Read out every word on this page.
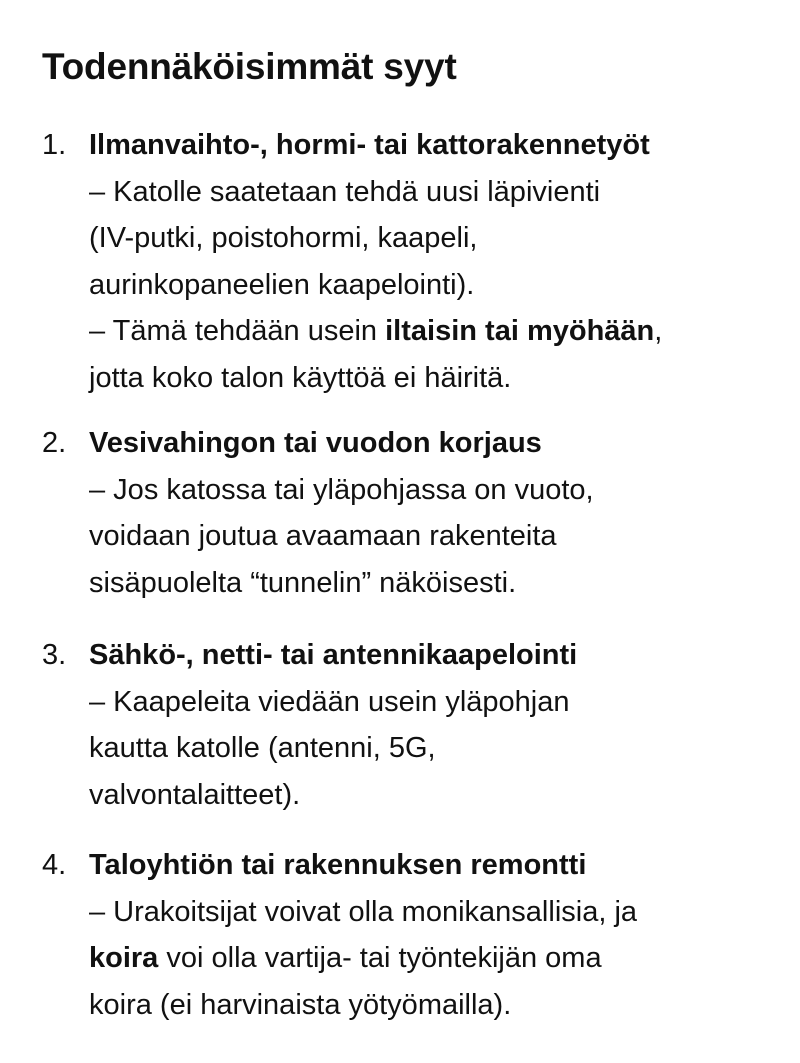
Todennäköisimmät syyt
1. Ilmanvaihto-, hormi- tai kattorakennetyöt
– Katolle saatetaan tehdä uusi läpivienti
(IV-putki, poistohormi, kaapeli,
aurinkopaneelien kaapelointi).
– Tämä tehdään usein iltaisin tai myöhään,
jotta koko talon käyttöä ei häiritä.
2. Vesivahingon tai vuodon korjaus
– Jos katossa tai yläpohjassa on vuoto,
voidaan joutua avaamaan rakenteita
sisäpuolelta “tunnelin” näköisesti.
3. Sähkö-, netti- tai antennikaapelointi
– Kaapeleita viedään usein yläpohjan
kautta katolle (antenni, 5G,
valvontalaitteet).
4. Taloyhtiön tai rakennuksen remontti
– Urakoitsijat voivat olla monikansallisia, ja
koira voi olla vartija- tai työntekijän oma
koira (ei harvinaista yötyömailla).
